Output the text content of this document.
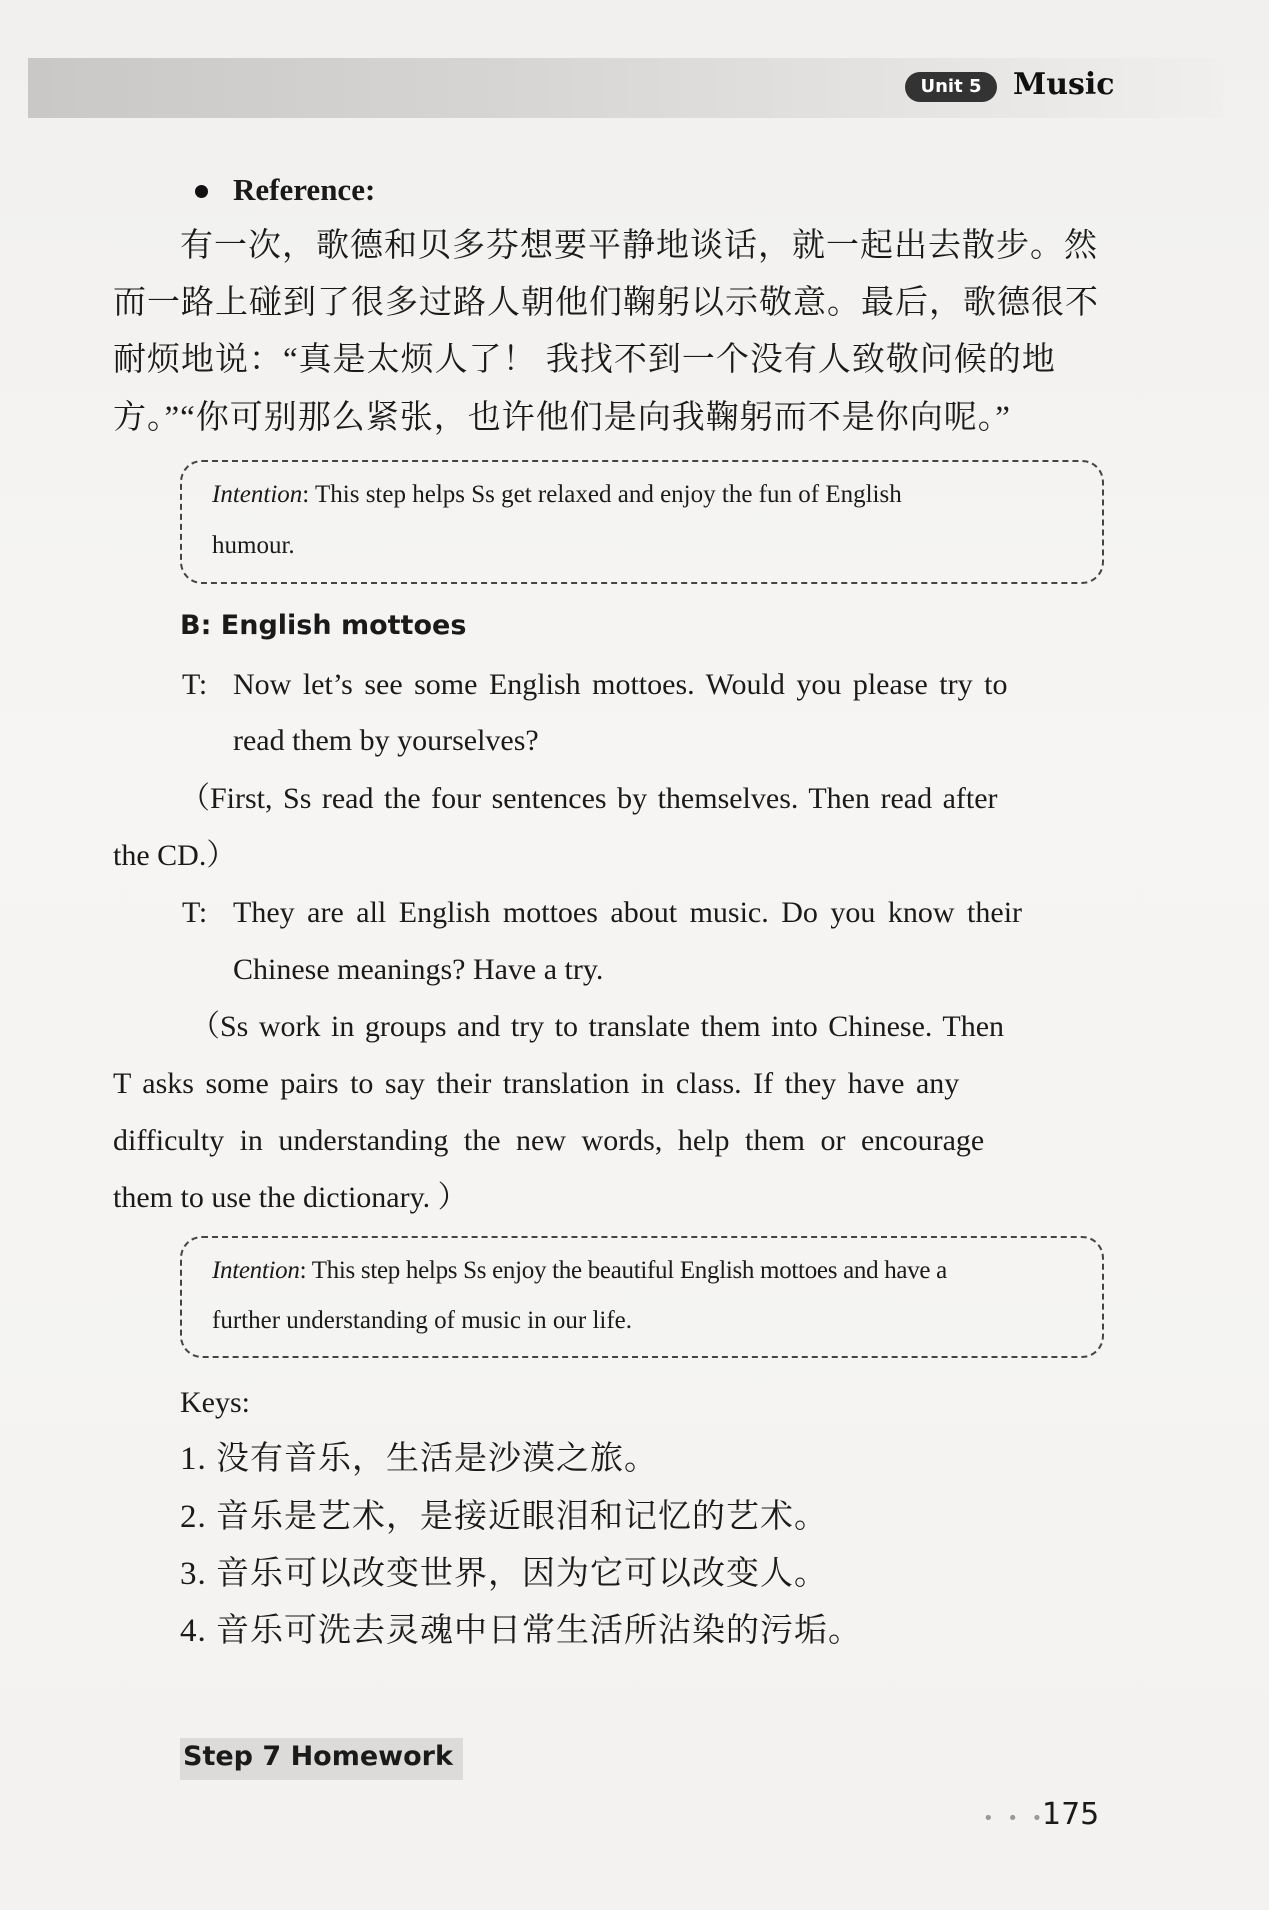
Unit 5	Music
Reference:
有一次，歌德和贝多芬想要平静地谈话，就一起出去散步。然
而一路上碰到了很多过路人朝他们鞠躬以示敬意。最后，歌德很不
耐烦地说：“真是太烦人了！ 我找不到一个没有人致敬问候的地
方。”“你可别那么紧张，也许他们是向我鞠躬而不是你向呢。”
Intention: This step helps Ss get relaxed and enjoy the fun of English
humour.
B: English mottoes
T: Now let’s see some English mottoes. Would you please try to
read them by yourselves?
（First, Ss read the four sentences by themselves. Then read after
the CD.）
T: They are all English mottoes about music. Do you know their
Chinese meanings? Have a try.
（Ss work in groups and try to translate them into Chinese. Then
T asks some pairs to say their translation in class. If they have any
difficulty in understanding the new words, help them or encourage
them to use the dictionary. ）
Intention: This step helps Ss enjoy the beautiful English mottoes and have a
further understanding of music in our life.
Keys:
1. 没有音乐，生活是沙漠之旅。
2. 音乐是艺术，是接近眼泪和记忆的艺术。
3. 音乐可以改变世界，因为它可以改变人。
4. 音乐可洗去灵魂中日常生活所沾染的污垢。
Step 7 Homework
• • •
175
